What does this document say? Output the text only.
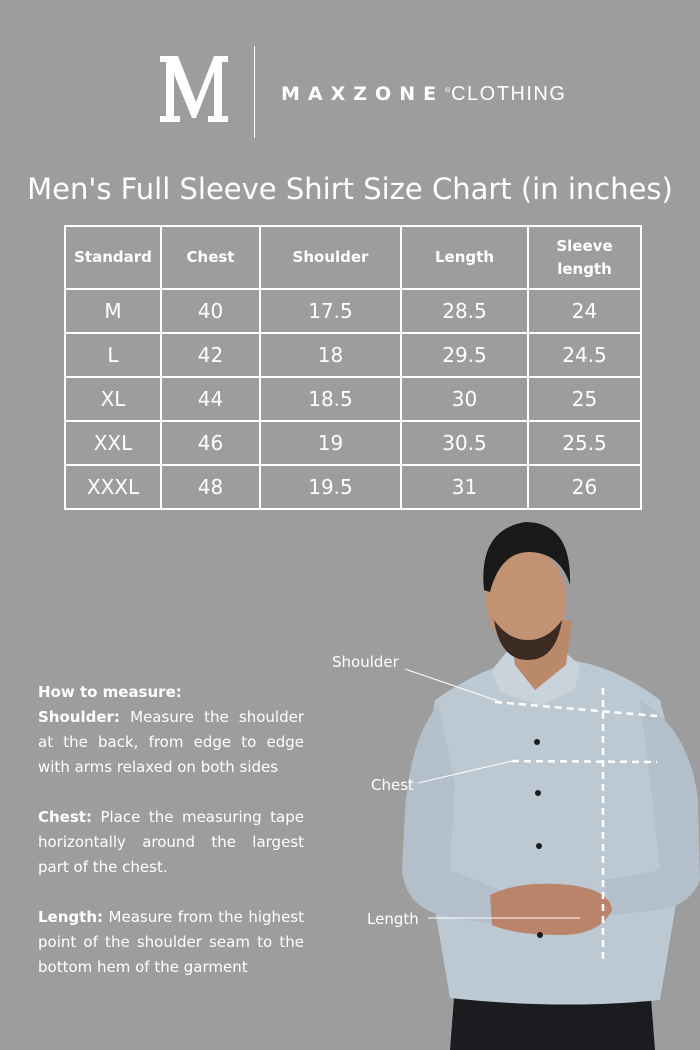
MAXZONE®CLOTHING
Men's Full Sleeve Shirt Size Chart (in inches)
Standard	Chest	Shoulder	Length	Sleeve length
M	40	17.5	28.5	24
L	42	18	29.5	24.5
XL	44	18.5	30	25
XXL	46	19	30.5	25.5
XXXL	48	19.5	31	26
How to measure:

Shoulder: Measure the shoulder at the back, from edge to edge with arms relaxed on both sides

Chest: Place the measuring tape horizontally around the largest part of the chest.

Length: Measure from the highest point of the shoulder seam to the bottom hem of the garment

Shoulder
Chest
Length
